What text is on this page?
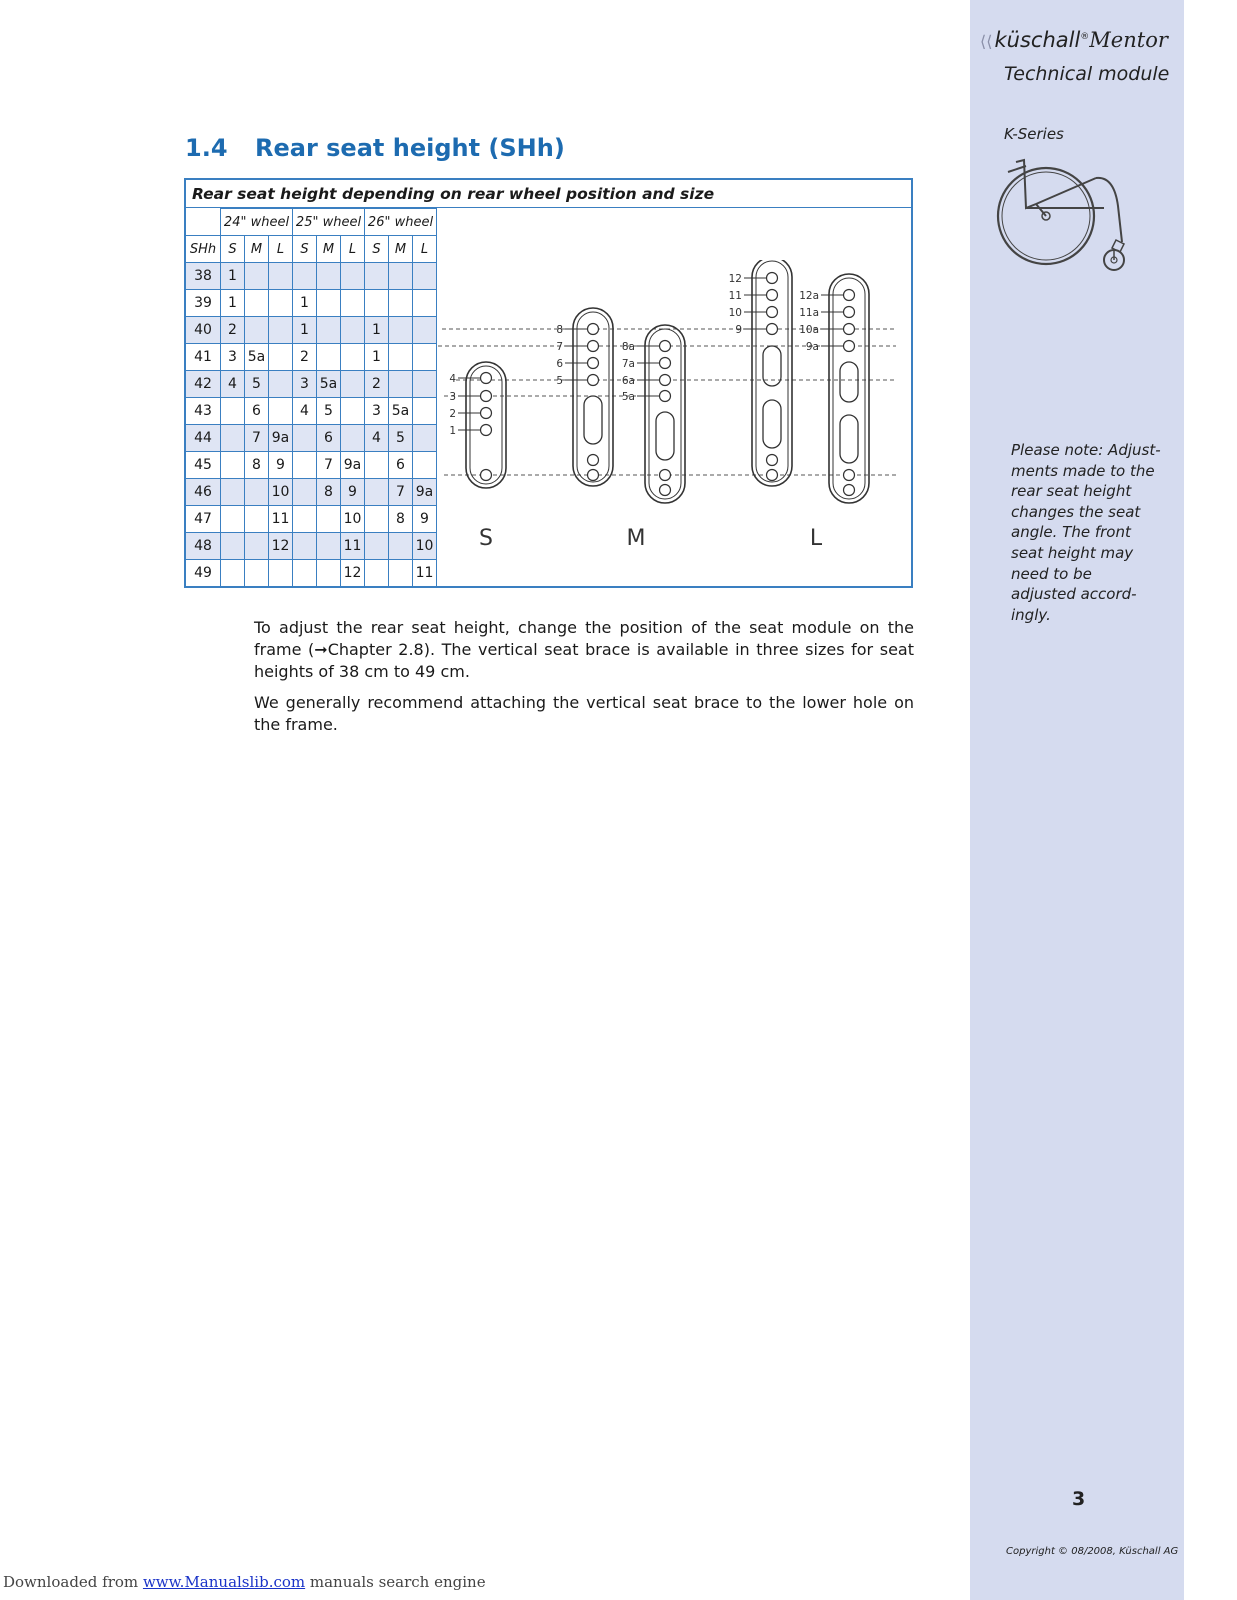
⟨⟨küschall®Mentor
Technical module
K-Series
Please note: Adjust-ments made to the rear seat height changes the seat angle. The front seat height may need to be adjusted accord-ingly.
3
Copyright © 08/2008, Küschall AG
1.4 Rear seat height (SHh)
Rear seat height depending on rear wheel position and size
	24" wheel			25" wheel			26" wheel		
SHh	S	M	L	S	M	L	S	M	L
38	1								
39	1			1					
40	2			1			1		
41	3	5a		2			1		
42	4	5		3	5a		2		
43		6		4	5		3	5a	
44		7	9a		6		4	5	
45		8	9		7	9a		6	
46			10		8	9		7	9a
47			11			10		8	9
48			12			11			10
49						12			11
4
3
2
1
8
7
6
5
8a
7a
6a
5a
12
11
10
9
12a
11a
10a
9a
S	M	L

To adjust the rear seat height, change the position of the seat module on the frame (➞Chapter 2.8). The vertical seat brace is available in three sizes for seat heights of 38 cm to 49 cm.

We generally recommend attaching the vertical seat brace to the lower hole on the frame.

Downloaded from www.Manualslib.com manuals search engine
